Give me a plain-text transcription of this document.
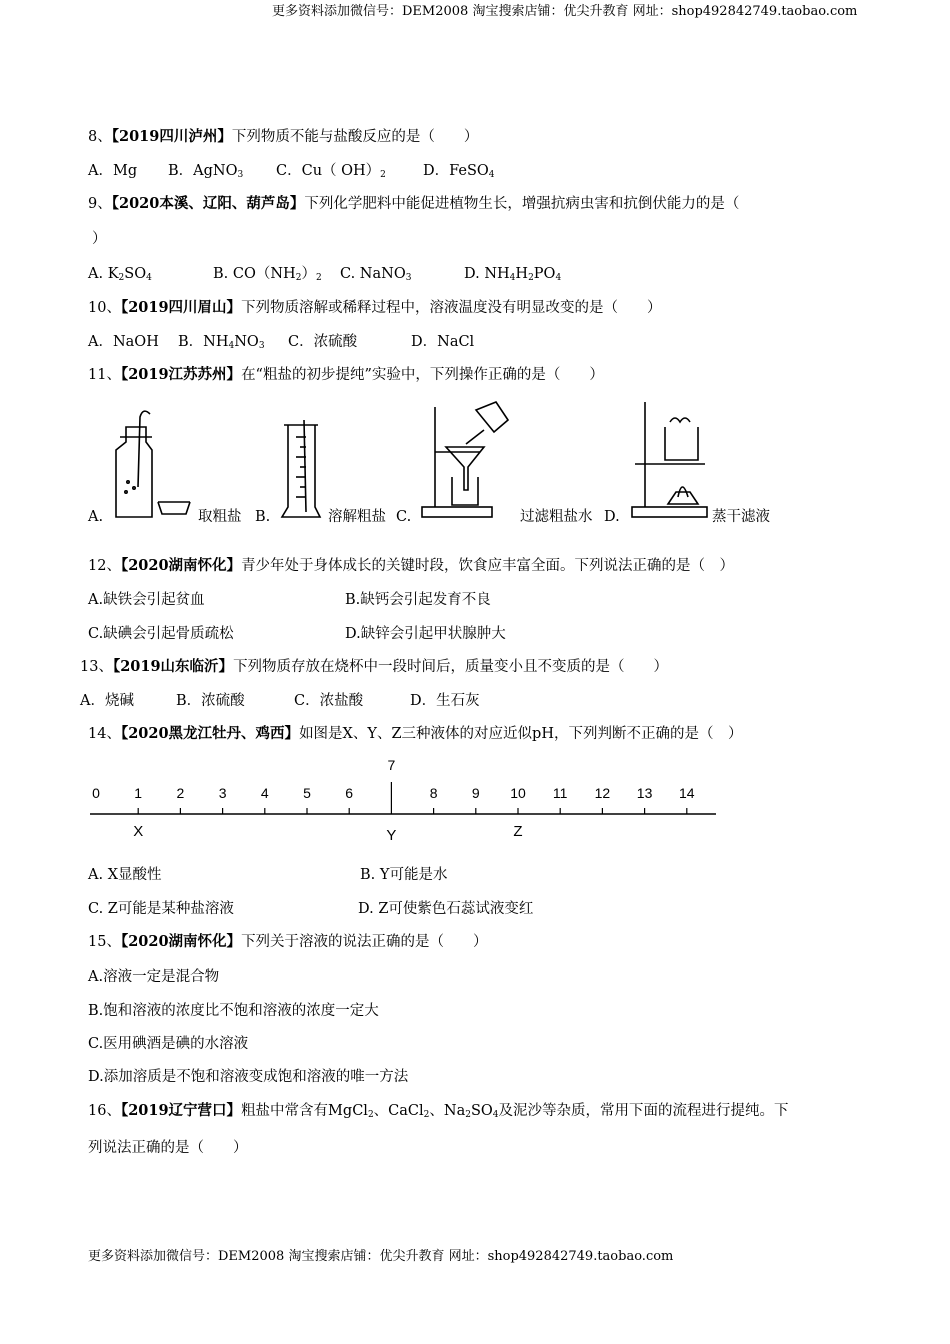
更多资料添加微信号：DEM2008 淘宝搜索店铺：优尖升教育 网址：shop492842749.taobao.com
8、【2019四川泸州】下列物质不能与盐酸反应的是（　　）
A．Mg B．AgNO$_3$ C．Cu（ $OH)_2$	D．FeSO$_4$
9、【2020本溪、辽阳、葫芦岛】下列化学肥料中能促进植物生长，增强抗病虫害和抗倒伏能力的是（
）
A. $K_2SO_4$	B. $CO(NH_2)_2$ C. NaNO$_3$	D. $NH_4H_2PO_4$
10、【2019四川眉山】下列物质溶解或稀释过程中，溶液温度没有明显改变的是（　　）
A．NaOH B．$NH_4NO_3$ C．浓硫酸	D．NaCl
11、【2019江苏苏州】在“粗盐的初步提纯”实验中，下列操作正确的是（　　）
A.	取粗盐 B.	溶解粗盐 C.	过滤粗盐水 D.	蒸干滤液
12、【2020湖南怀化】青少年处于身体成长的关键时段，饮食应丰富全面。下列说法正确的是（　）
A.缺铁会引起贫血	B.缺钙会引起发育不良
C.缺碘会引起骨质疏松	D.缺锌会引起甲状腺肿大
13、【2019山东临沂】下列物质存放在烧杯中一段时间后，质量变小且不变质的是（　　）
A．烧碱	B．浓硫酸	C．浓盐酸	D．生石灰
14、【2020黑龙江牡丹、鸡西】如图是X、Y、Z三种液体的对应近似pH，下列判断不正确的是（　）
0 1 2 3 4 5 6
7
8 9 10 11 12 13 14
X	Y	Z
A. X显酸性	B. Y可能是水
C. Z可能是某种盐溶液	D. Z可使紫色石蕊试液变红
15、【2020湖南怀化】下列关于溶液的说法正确的是（　　）
A.溶液一定是混合物
B.饱和溶液的浓度比不饱和溶液的浓度一定大
C.医用碘酒是碘的水溶液
D.添加溶质是不饱和溶液变成饱和溶液的唯一方法
16、【2019辽宁营口】粗盐中常含有MgCl$_2$、CaCl$_2$、$Na_2SO_4$及泥沙等杂质，常用下面的流程进行提纯。下
列说法正确的是（　　）
更多资料添加微信号：DEM2008 淘宝搜索店铺：优尖升教育 网址：shop492842749.taobao.com
